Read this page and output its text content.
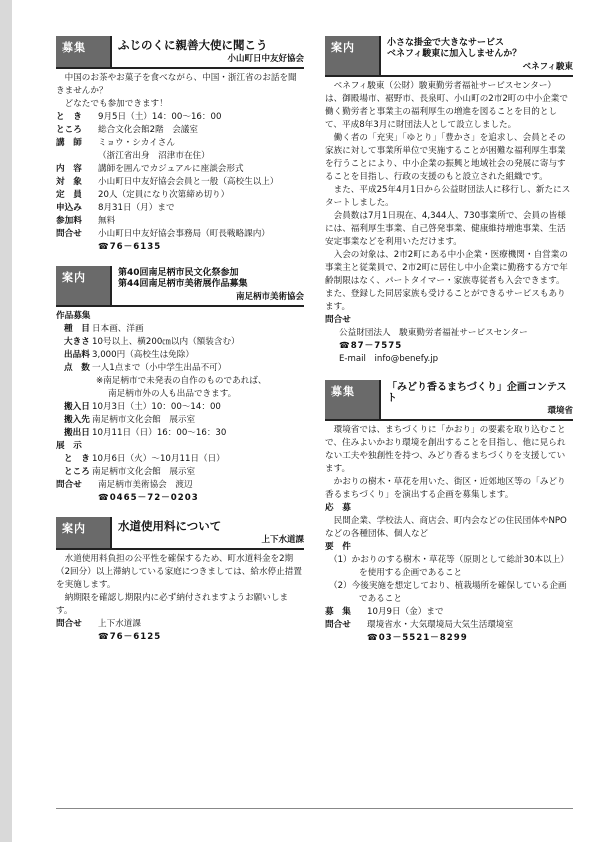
募集	ふじのくに親善大使に聞こう
小山町日中友好協会
中国のお茶やお菓子を食べながら、中国・浙江省のお話を聞きませんか？
どなたでも参加できます！
と　き	9月5日（土）14：00～16：00
ところ	総合文化会館2階　会議室
講　師	ミョウ・シカイさん
（浙江省出身　沼津市在住）
内　容	講師を囲んでカジュアルに座談会形式
対　象	小山町日中友好協会会員と一般（高校生以上）
定　員	20人（定員になり次第締め切り）
申込み	8月31日（月）まで
参加料	無料
問合せ	小山町日中友好協会事務局（町長戦略課内）
☎76－6135
案内	第40回南足柄市民文化祭参加
第44回南足柄市美術展作品募集
南足柄市美術協会
作品募集
種　目 日本画、洋画
大きさ 10号以上、横200㎝以内（額装含む）
出品料 3,000円（高校生は免除）
点　数 一人1点まで（小中学生出品不可）
※南足柄市で未発表の自作のものであれば、
南足柄市外の人も出品できます。
搬入日 10月3日（土）10：00～14：00
搬入先 南足柄市文化会館　展示室
搬出日 10月11日（日）16：00～16：30
展　示
と　き 10月6日（火）～10月11日（日）
ところ 南足柄市文化会館　展示室
問合せ	南足柄市美術協会　渡辺
☎0465－72－0203
案内	水道使用料について
上下水道課
水道使用料負担の公平性を確保するため、町水道料金を2期（2回分）以上滞納している家庭につきましては、給水停止措置を実施します。
納期限を確認し期限内に必ず納付されますようお願いします。
問合せ	上下水道課
☎76－6125
案内	小さな掛金で大きなサービス
ベネフィ駿東に加入しませんか？
ベネフィ駿東
ベネフィ駿東（公財）駿東勤労者福祉サービスセンター）は、御殿場市、裾野市、長泉町、小山町の2市2町の中小企業で働く勤労者と事業主の福利厚生の増進を図ることを目的として、平成8年3月に財団法人として設立しました。
働く者の「充実」「ゆとり」「豊かさ」を追求し、会員とその家族に対して事業所単位で実施することが困難な福利厚生事業を行うことにより、中小企業の振興と地域社会の発展に寄与することを目指し、行政の支援のもと設立された組織です。
また、平成25年4月1日から公益財団法人に移行し、新たにスタートしました。
会員数は7月1日現在、4,344人、730事業所で、会員の皆様には、福利厚生事業、自己啓発事業、健康維持増進事業、生活安定事業などを利用いただけます。
入会の対象は、2市2町にある中小企業・医療機関・自営業の事業主と従業員で、2市2町に居住し中小企業に勤務する方で年齢制限はなく、パートタイマー・家族専従者も入会できます。また、登録した同居家族も受けることができるサービスもあります。
問合せ
公益財団法人　駿東勤労者福祉サービスセンター
☎87－7575
E-mail　info@benefy.jp
募集	「みどり香るまちづくり」企画コンテスト
環境省
環境省では、まちづくりに「かおり」の要素を取り込むことで、住みよいかおり環境を創出することを目指し、他に見られない工夫や独創性を持つ、みどり香るまちづくりを支援しています。
かおりの樹木・草花を用いた、街区・近郊地区等の「みどり香るまちづくり」を演出する企画を募集します。
応　募
民間企業、学校法人、商店会、町内会などの住民団体やNPOなどの各種団体、個人など
要　件
（1）かおりのする樹木・草花等（原則として総計30本以上）を使用する企画であること
（2）今後実施を想定しており、植栽場所を確保している企画であること
募　集	10月9日（金）まで
問合せ	環境省水・大気環境局大気生活環境室
☎03－5521－8299
